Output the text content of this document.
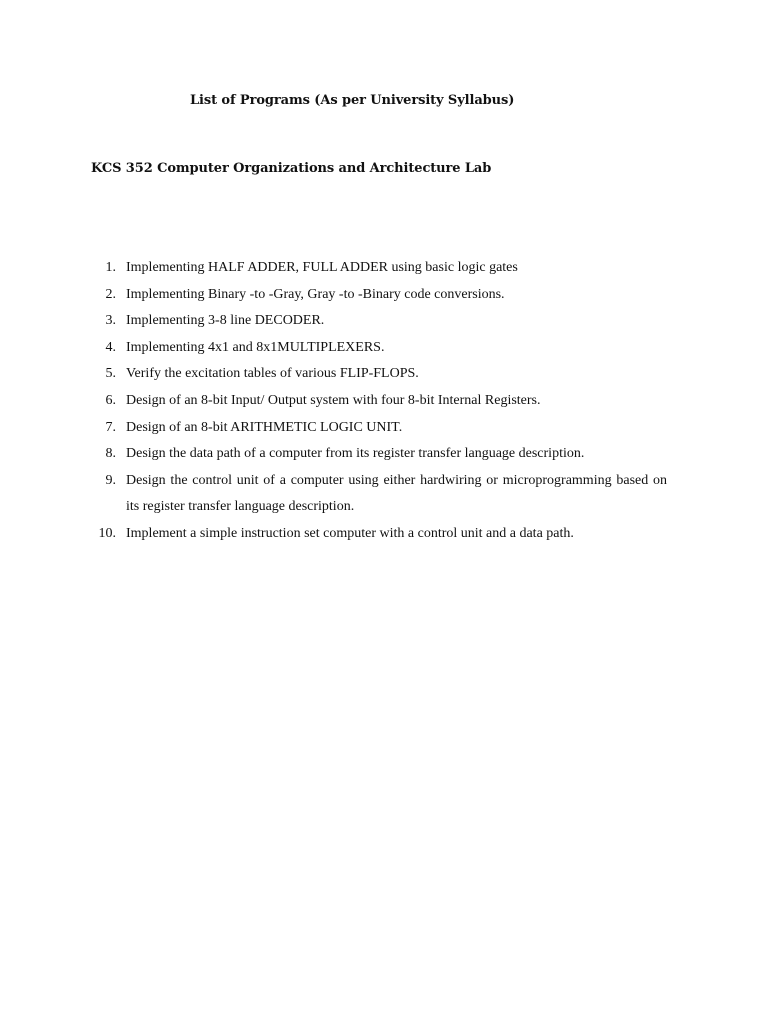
List of Programs (As per University Syllabus)
KCS 352 Computer Organizations and Architecture Lab
1. Implementing HALF ADDER, FULL ADDER using basic logic gates
2. Implementing Binary -to -Gray, Gray -to -Binary code conversions.
3. Implementing 3-8 line DECODER.
4. Implementing 4x1 and 8x1MULTIPLEXERS.
5. Verify the excitation tables of various FLIP-FLOPS.
6. Design of an 8-bit Input/ Output system with four 8-bit Internal Registers.
7. Design of an 8-bit ARITHMETIC LOGIC UNIT.
8. Design the data path of a computer from its register transfer language description.
9. Design the control unit of a computer using either hardwiring or microprogramming based on its register transfer language description.
10. Implement a simple instruction set computer with a control unit and a data path.
